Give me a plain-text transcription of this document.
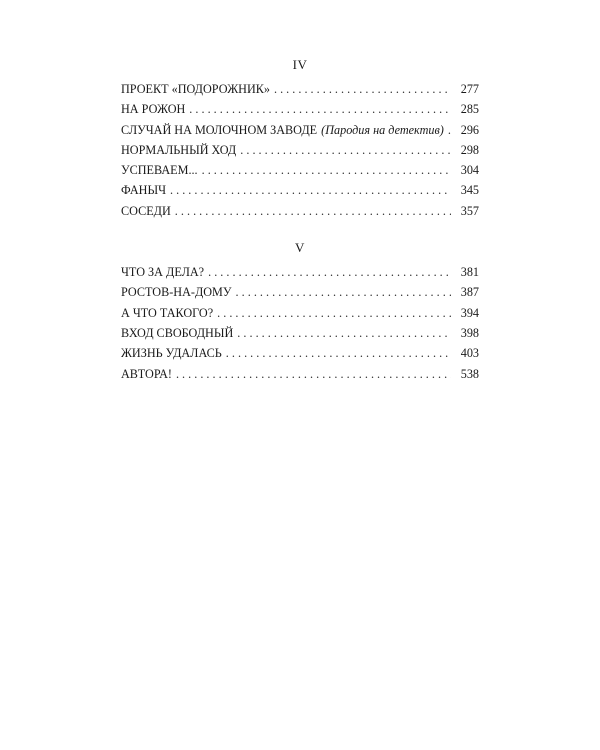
IV
ПРОЕКТ «ПОДОРОЖНИК» . . .	277
НА РОЖОН . . .	285
СЛУЧАЙ НА МОЛОЧНОМ ЗАВОДЕ (Пародия на детектив) . . .	296
НОРМАЛЬНЫЙ ХОД . . .	298
УСПЕВАЕМ... . . .	304
ФАНЫЧ . . .	345
СОСЕДИ . . .	357
V
ЧТО ЗА ДЕЛА? . . .	381
РОСТОВ-НА-ДОМУ . . .	387
А ЧТО ТАКОГО? . . .	394
ВХОД СВОБОДНЫЙ . . .	398
ЖИЗНЬ УДАЛАСЬ . . .	403
АВТОРА! . . .	538
